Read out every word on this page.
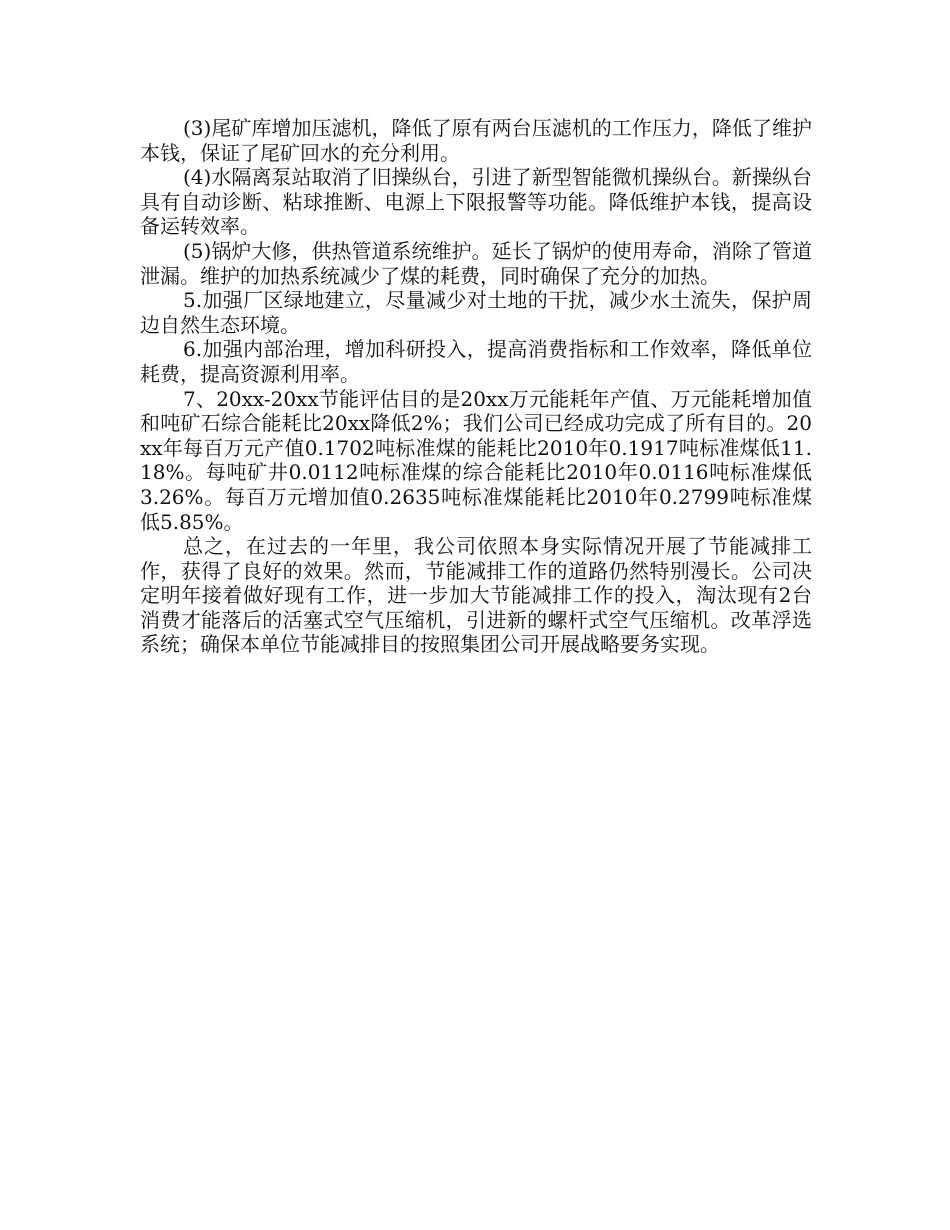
(3)尾矿库增加压滤机，降低了原有两台压滤机的工作压力，降低了维护本钱，保证了尾矿回水的充分利用。

(4)水隔离泵站取消了旧操纵台，引进了新型智能微机操纵台。新操纵台具有自动诊断、粘球推断、电源上下限报警等功能。降低维护本钱，提高设备运转效率。

(5)锅炉大修，供热管道系统维护。延长了锅炉的使用寿命，消除了管道泄漏。维护的加热系统减少了煤的耗费，同时确保了充分的加热。

5.加强厂区绿地建立，尽量减少对土地的干扰，减少水土流失，保护周边自然生态环境。

6.加强内部治理，增加科研投入，提高消费指标和工作效率，降低单位耗费，提高资源利用率。

7、20xx-20xx节能评估目的是20xx万元能耗年产值、万元能耗增加值和吨矿石综合能耗比20xx降低2%；我们公司已经成功完成了所有目的。20xx年每百万元产值0.1702吨标准煤的能耗比2010年0.1917吨标准煤低11.18%。每吨矿井0.0112吨标准煤的综合能耗比2010年0.0116吨标准煤低3.26%。每百万元增加值0.2635吨标准煤能耗比2010年0.2799吨标准煤低5.85%。

总之，在过去的一年里，我公司依照本身实际情况开展了节能减排工作，获得了良好的效果。然而，节能减排工作的道路仍然特别漫长。公司决定明年接着做好现有工作，进一步加大节能减排工作的投入，淘汰现有2台消费才能落后的活塞式空气压缩机，引进新的螺杆式空气压缩机。改革浮选系统；确保本单位节能减排目的按照集团公司开展战略要务实现。
